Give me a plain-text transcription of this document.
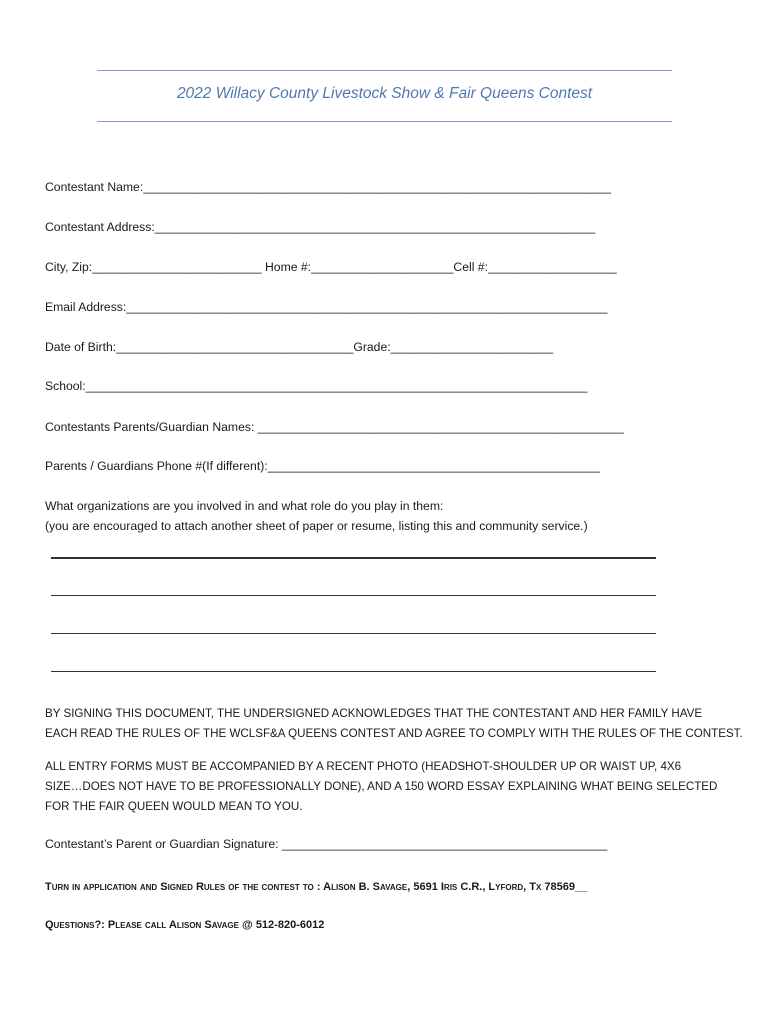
2022 Willacy County Livestock Show & Fair Queens Contest
Contestant Name:_____________________________________________________________________
Contestant Address:_________________________________________________________________
City, Zip:_________________________ Home #:_____________________Cell #:___________________
Email Address:_______________________________________________________________________
Date of Birth:___________________________________Grade:________________________
School:__________________________________________________________________________
Contestants Parents/Guardian Names: ______________________________________________________
Parents / Guardians Phone #(If different):_________________________________________________
What organizations are you involved in and what role do you play in them:
(you are encouraged to attach another sheet of paper or resume, listing this and community service.)
BY SIGNING THIS DOCUMENT, THE UNDERSIGNED ACKNOWLEDGES THAT THE CONTESTANT AND HER FAMILY HAVE
EACH READ THE RULES OF THE WCLSF&A QUEENS CONTEST AND AGREE TO COMPLY WITH THE RULES OF THE CONTEST.
ALL ENTRY FORMS MUST BE ACCOMPANIED BY A RECENT PHOTO (HEADSHOT-SHOULDER UP OR WAIST UP, 4X6
SIZE…DOES NOT HAVE TO BE PROFESSIONALLY DONE), AND A 150 WORD ESSAY EXPLAINING WHAT BEING SELECTED
FOR THE FAIR QUEEN WOULD MEAN TO YOU.
Contestant’s Parent or Guardian Signature: ________________________________________________
Turn in application and Signed Rules of the contest to : Alison B. Savage, 5691 Iris C.R., Lyford, Tx 78569__
Questions?: Please call Alison Savage @ 512-820-6012
